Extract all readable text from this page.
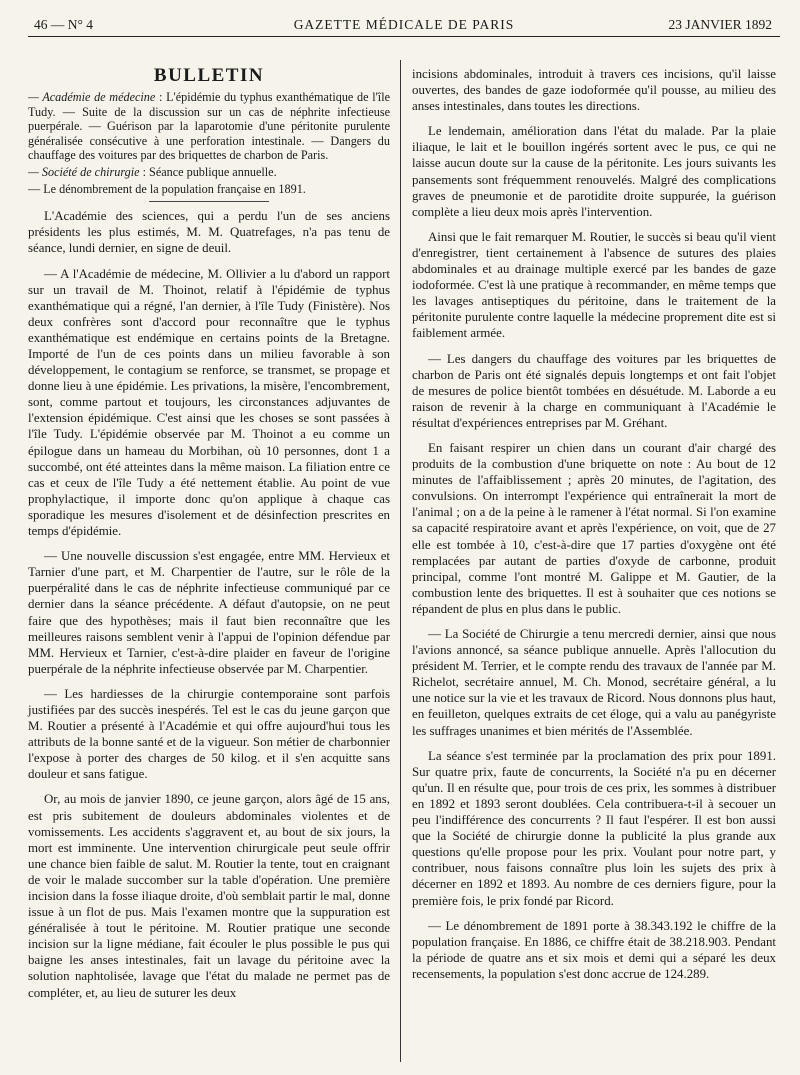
46 — N° 4	GAZETTE MÉDICALE DE PARIS	23 JANVIER 1892
BULLETIN

— Académie de médecine : L'épidémie du typhus exanthématique de l'île Tudy. — Suite de la discussion sur un cas de néphrite infectieuse puerpérale. — Guérison par la laparotomie d'une péritonite purulente généralisée consécutive à une perforation intestinale. — Dangers du chauffage des voitures par des briquettes de charbon de Paris.

— Société de chirurgie : Séance publique annuelle.

— Le dénombrement de la population française en 1891.

L'Académie des sciences, qui a perdu l'un de ses anciens présidents les plus estimés, M. M. Quatrefages, n'a pas tenu de séance, lundi dernier, en signe de deuil.

— A l'Académie de médecine, M. Ollivier a lu d'abord un rapport sur un travail de M. Thoinot, relatif à l'épidémie de typhus exanthématique qui a régné, l'an dernier, à l'île Tudy (Finistère). Nos deux confrères sont d'accord pour reconnaître que le typhus exanthématique est endémique en certains points de la Bretagne. Importé de l'un de ces points dans un milieu favorable à son développement, le contagium se renforce, se transmet, se propage et donne lieu à une épidémie. Les privations, la misère, l'encombrement, sont, comme partout et toujours, les circonstances adjuvantes de l'extension épidémique. C'est ainsi que les choses se sont passées à l'île Tudy. L'épidémie observée par M. Thoinot a eu comme un épilogue dans un hameau du Morbihan, où 10 personnes, dont 1 a succombé, ont été atteintes dans la même maison. La filiation entre ce cas et ceux de l'île Tudy a été nettement établie. Au point de vue prophylactique, il importe donc qu'on applique à chaque cas sporadique les mesures d'isolement et de désinfection prescrites en temps d'épidémie.

— Une nouvelle discussion s'est engagée, entre MM. Hervieux et Tarnier d'une part, et M. Charpentier de l'autre, sur le rôle de la puerpéralité dans le cas de néphrite infectieuse communiqué par ce dernier dans la séance précédente. A défaut d'autopsie, on ne peut faire que des hypothèses; mais il faut bien reconnaître que les meilleures raisons semblent venir à l'appui de l'opinion défendue par MM. Hervieux et Tarnier, c'est-à-dire plaider en faveur de l'origine puerpérale de la néphrite infectieuse observée par M. Charpentier.

— Les hardiesses de la chirurgie contemporaine sont parfois justifiées par des succès inespérés. Tel est le cas du jeune garçon que M. Routier a présenté à l'Académie et qui offre aujourd'hui tous les attributs de la bonne santé et de la vigueur. Son métier de charbonnier l'expose à porter des charges de 50 kilog. et il s'en acquitte sans douleur et sans fatigue.

Or, au mois de janvier 1890, ce jeune garçon, alors âgé de 15 ans, est pris subitement de douleurs abdominales violentes et de vomissements. Les accidents s'aggravent et, au bout de six jours, la mort est imminente. Une intervention chirurgicale peut seule offrir une chance bien faible de salut. M. Routier la tente, tout en craignant de voir le malade succomber sur la table d'opération. Une première incision dans la fosse iliaque droite, d'où semblait partir le mal, donne issue à un flot de pus. Mais l'examen montre que la suppuration est généralisée à tout le péritoine. M. Routier pratique une seconde incision sur la ligne médiane, fait écouler le plus possible le pus qui baigne les anses intestinales, fait un lavage du péritoine avec la solution naphtolisée, lavage que l'état du malade ne permet pas de compléter, et, au lieu de suturer les deux

incisions abdominales, introduit à travers ces incisions, qu'il laisse ouvertes, des bandes de gaze iodoformée qu'il pousse, au milieu des anses intestinales, dans toutes les directions.

Le lendemain, amélioration dans l'état du malade. Par la plaie iliaque, le lait et le bouillon ingérés sortent avec le pus, ce qui ne laisse aucun doute sur la cause de la péritonite. Les jours suivants les pansements sont fréquemment renouvelés. Malgré des complications graves de pneumonie et de parotidite droite suppurée, la guérison complète a lieu deux mois après l'intervention.

Ainsi que le fait remarquer M. Routier, le succès si beau qu'il vient d'enregistrer, tient certainement à l'absence de sutures des plaies abdominales et au drainage multiple exercé par les bandes de gaze iodoformée. C'est là une pratique à recommander, en même temps que les lavages antiseptiques du péritoine, dans le traitement de la péritonite purulente contre laquelle la médecine proprement dite est si faiblement armée.

— Les dangers du chauffage des voitures par les briquettes de charbon de Paris ont été signalés depuis longtemps et ont fait l'objet de mesures de police bientôt tombées en désuétude. M. Laborde a eu raison de revenir à la charge en communiquant à l'Académie le résultat d'expériences entreprises par M. Gréhant.

En faisant respirer un chien dans un courant d'air chargé des produits de la combustion d'une briquette on note : Au bout de 12 minutes de l'affaiblissement ; après 20 minutes, de l'agitation, des convulsions. On interrompt l'expérience qui entraînerait la mort de l'animal ; on a de la peine à le ramener à l'état normal. Si l'on examine sa capacité respiratoire avant et après l'expérience, on voit, que de 27 elle est tombée à 10, c'est-à-dire que 17 parties d'oxygène ont été remplacées par autant de parties d'oxyde de carbonne, produit principal, comme l'ont montré M. Galippe et M. Gautier, de la combustion lente des briquettes. Il est à souhaiter que ces notions se répandent de plus en plus dans le public.

— La Société de Chirurgie a tenu mercredi dernier, ainsi que nous l'avions annoncé, sa séance publique annuelle. Après l'allocution du président M. Terrier, et le compte rendu des travaux de l'année par M. Richelot, secrétaire annuel, M. Ch. Monod, secrétaire général, a lu une notice sur la vie et les travaux de Ricord. Nous donnons plus haut, en feuilleton, quelques extraits de cet éloge, qui a valu au panégyriste les suffrages unanimes et bien mérités de l'Assemblée.

La séance s'est terminée par la proclamation des prix pour 1891. Sur quatre prix, faute de concurrents, la Société n'a pu en décerner qu'un. Il en résulte que, pour trois de ces prix, les sommes à distribuer en 1892 et 1893 seront doublées. Cela contribuera-t-il à secouer un peu l'indifférence des concurrents ? Il faut l'espérer. Il est bon aussi que la Société de chirurgie donne la publicité la plus grande aux questions qu'elle propose pour les prix. Voulant pour notre part, y contribuer, nous faisons connaître plus loin les sujets des prix à décerner en 1892 et 1893. Au nombre de ces derniers figure, pour la première fois, le prix fondé par Ricord.

— Le dénombrement de 1891 porte à 38.343.192 le chiffre de la population française. En 1886, ce chiffre était de 38.218.903. Pendant la période de quatre ans et six mois et demi qui a séparé les deux recensements, la population s'est donc accrue de 124.289.
